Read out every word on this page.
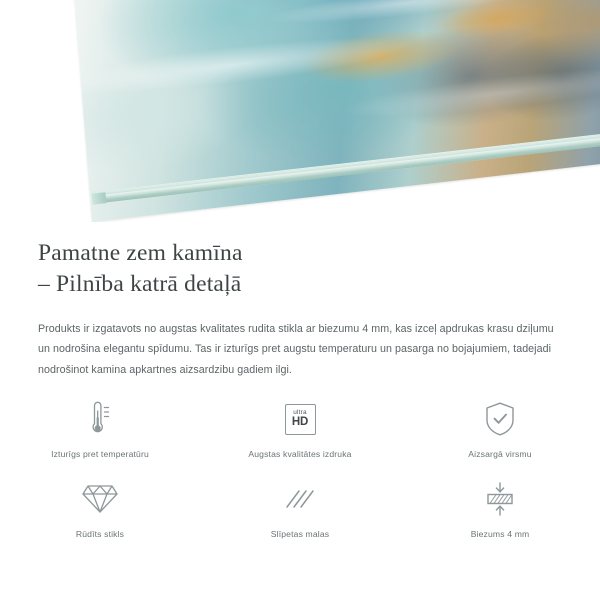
Pamatne zem kamīna
– Pilnība katrā detaļā

Produkts ir izgatavots no augstas kvalitates rudita stikla ar biezumu 4 mm, kas izceļ apdrukas krasu dziļumu un nodrošina elegantu spīdumu. Tas ir izturīgs pret augstu temperaturu un pasarga no bojajumiem, tadejadi nodrošinot kamina apkartnes aizsardzibu gadiem ilgi.

Izturīgs pret temperatūru
ultra
HD
Augstas kvalitātes izdruka	Aizsargā virsmu
Rūdīts stikls	Slīpetas malas	Biezums 4 mm
